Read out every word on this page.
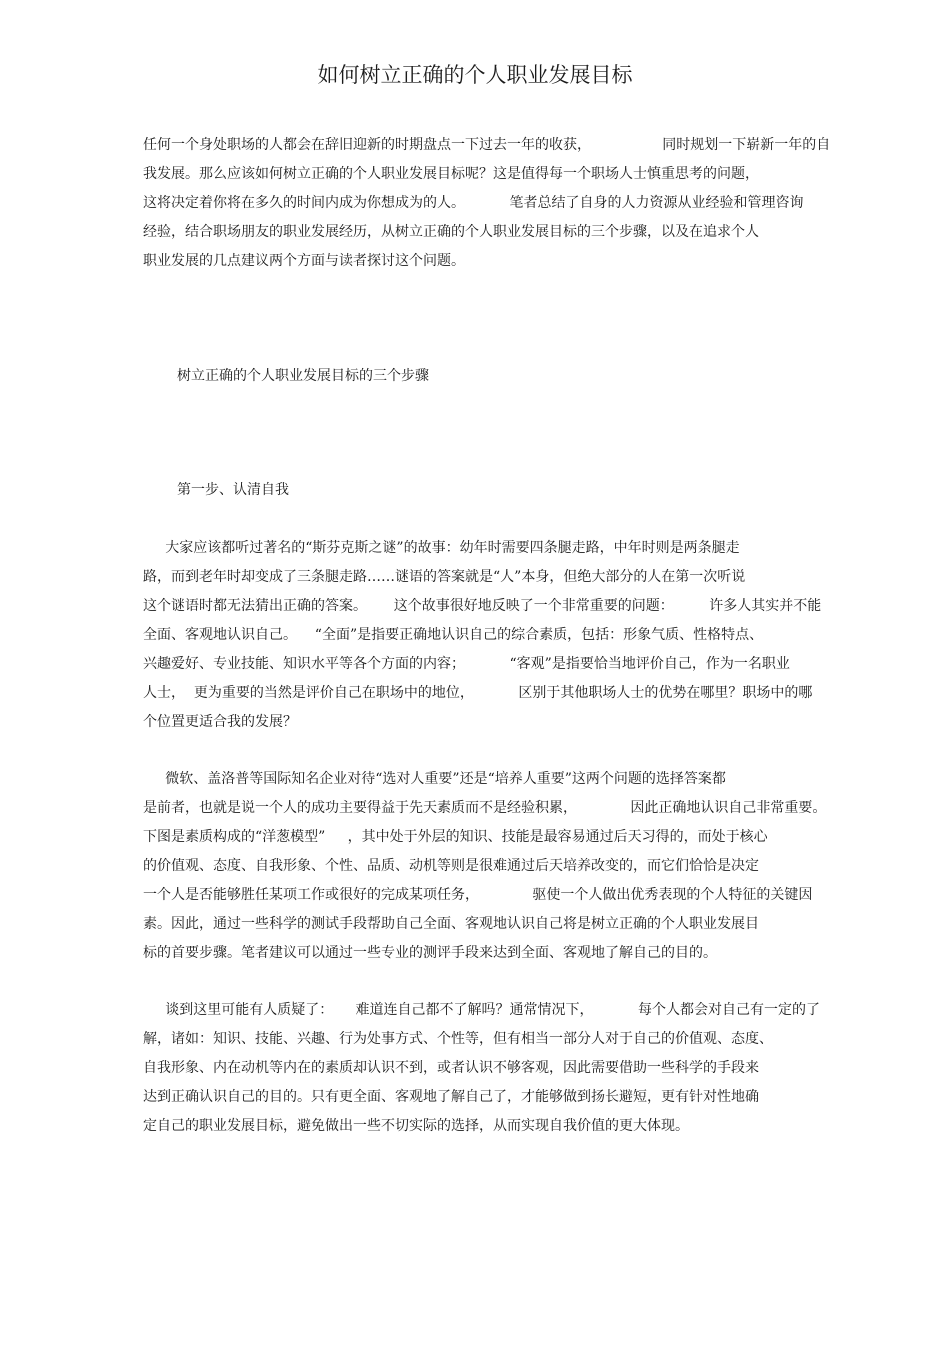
如何树立正确的个人职业发展目标
任何一个身处职场的人都会在辞旧迎新的时期盘点一下过去一年的收获，                同时规划一下崭新一年的自
我发展。那么应该如何树立正确的个人职业发展目标呢？这是值得每一个职场人士慎重思考的问题，
这将决定着你将在多久的时间内成为你想成为的人。          笔者总结了自身的人力资源从业经验和管理咨询
经验，结合职场朋友的职业发展经历，从树立正确的个人职业发展目标的三个步骤，以及在追求个人
职业发展的几点建议两个方面与读者探讨这个问题。
树立正确的个人职业发展目标的三个步骤
第一步、认清自我
大家应该都听过著名的“斯芬克斯之谜”的故事：幼年时需要四条腿走路，中年时则是两条腿走
路，而到老年时却变成了三条腿走路……谜语的答案就是“人”本身，但绝大部分的人在第一次听说
这个谜语时都无法猜出正确的答案。      这个故事很好地反映了一个非常重要的问题：        许多人其实并不能
全面、客观地认识自己。    “全面”是指要正确地认识自己的综合素质，包括：形象气质、性格特点、
兴趣爱好、专业技能、知识水平等各个方面的内容；          “客观”是指要恰当地评价自己，作为一名职业
人士，  更为重要的当然是评价自己在职场中的地位，          区别于其他职场人士的优势在哪里？职场中的哪
个位置更适合我的发展？
微软、盖洛普等国际知名企业对待“选对人重要”还是“培养人重要”这两个问题的选择答案都
是前者，也就是说一个人的成功主要得益于先天素质而不是经验积累，            因此正确地认识自己非常重要。
下图是素质构成的“洋葱模型”     ，其中处于外层的知识、技能是最容易通过后天习得的，而处于核心
的价值观、态度、自我形象、个性、品质、动机等则是很难通过后天培养改变的，而它们恰恰是决定
一个人是否能够胜任某项工作或很好的完成某项任务，            驱使一个人做出优秀表现的个人特征的关键因
素。因此，通过一些科学的测试手段帮助自己全面、客观地认识自己将是树立正确的个人职业发展目
标的首要步骤。笔者建议可以通过一些专业的测评手段来达到全面、客观地了解自己的目的。
谈到这里可能有人质疑了：     难道连自己都不了解吗？通常情况下，          每个人都会对自己有一定的了
解，诸如：知识、技能、兴趣、行为处事方式、个性等，但有相当一部分人对于自己的价值观、态度、
自我形象、内在动机等内在的素质却认识不到，或者认识不够客观，因此需要借助一些科学的手段来
达到正确认识自己的目的。只有更全面、客观地了解自己了，才能够做到扬长避短，更有针对性地确
定自己的职业发展目标，避免做出一些不切实际的选择，从而实现自我价值的更大体现。
